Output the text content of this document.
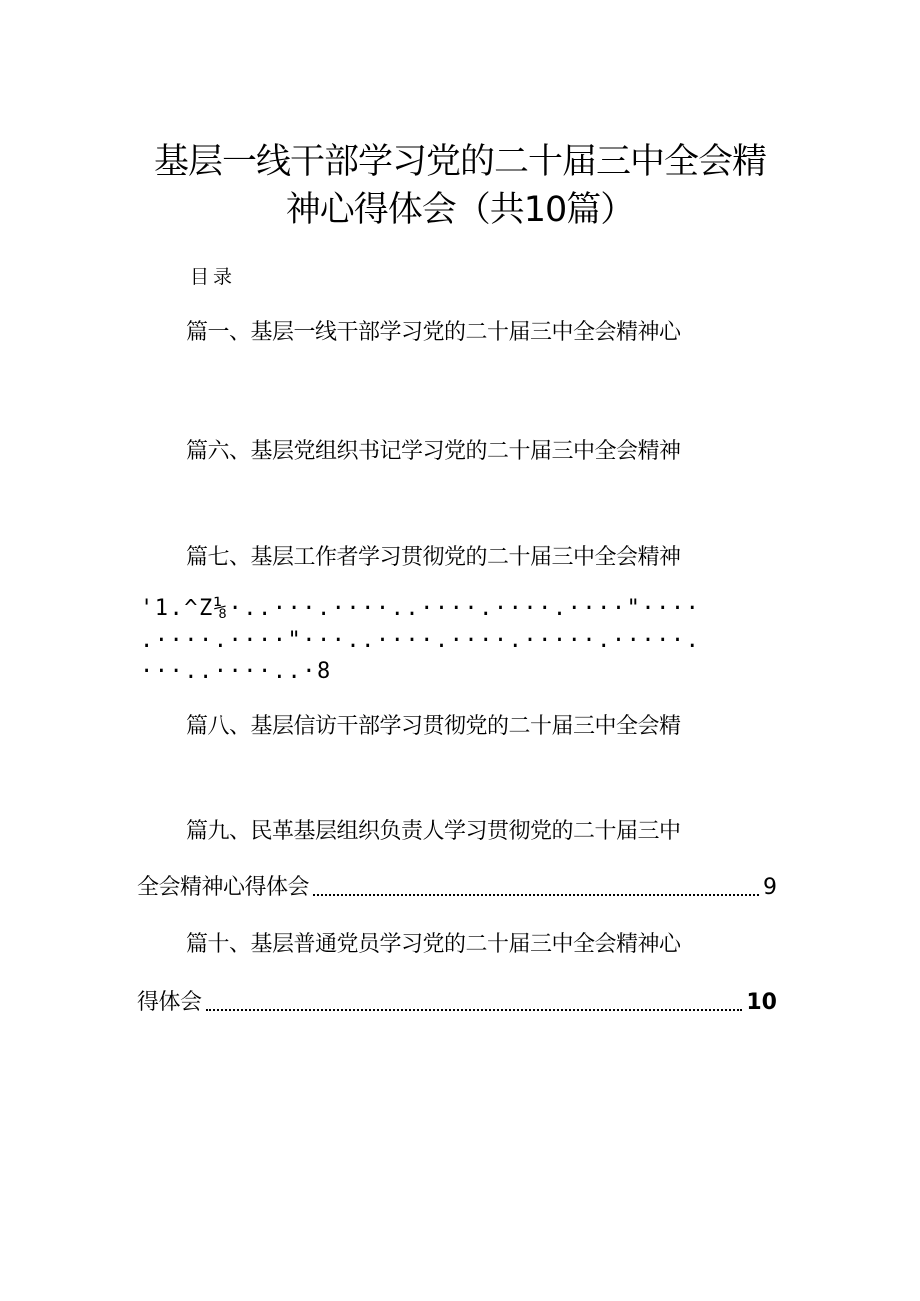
基层一线干部学习党的二十届三中全会精
神心得体会（共10篇）
目录
篇一、基层一线干部学习党的二十届三中全会精神心
篇六、基层党组织书记学习党的二十届三中全会精神
篇七、基层工作者学习贯彻党的二十届三中全会精神
'1.^Z⅛·..···.····..····.····.····"····
.····.····"···..····.····.·····.·····.
···..····..·8
篇八、基层信访干部学习贯彻党的二十届三中全会精
篇九、民革基层组织负责人学习贯彻党的二十届三中
全会精神心得体会	9
篇十、基层普通党员学习党的二十届三中全会精神心
得体会	10
